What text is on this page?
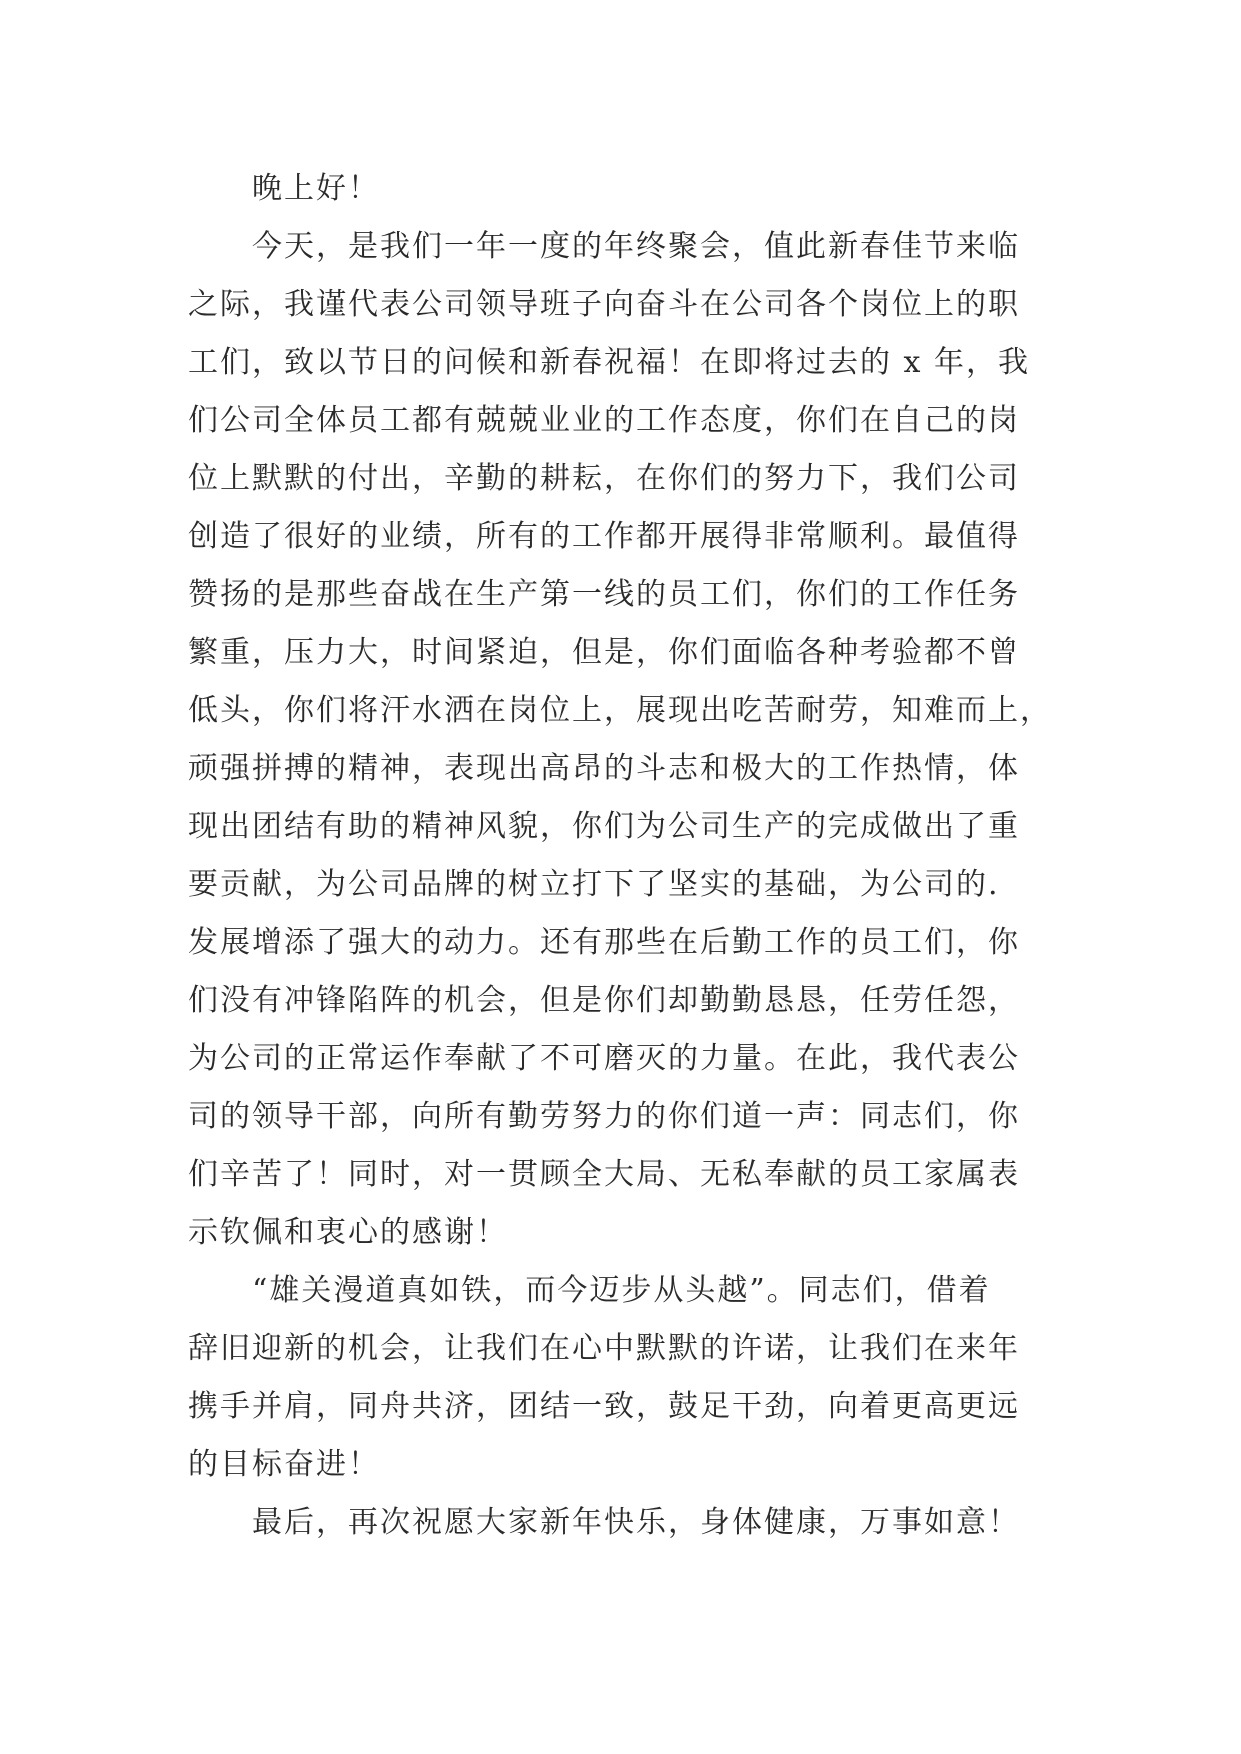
晚上好！
今天，是我们一年一度的年终聚会，值此新春佳节来临
之际，我谨代表公司领导班子向奋斗在公司各个岗位上的职
工们，致以节日的问候和新春祝福！在即将过去的 x 年，我
们公司全体员工都有兢兢业业的工作态度，你们在自己的岗
位上默默的付出，辛勤的耕耘，在你们的努力下，我们公司
创造了很好的业绩，所有的工作都开展得非常顺利。最值得
赞扬的是那些奋战在生产第一线的员工们，你们的工作任务
繁重，压力大，时间紧迫，但是，你们面临各种考验都不曾
低头，你们将汗水洒在岗位上，展现出吃苦耐劳，知难而上，
顽强拼搏的精神，表现出高昂的斗志和极大的工作热情，体
现出团结有助的精神风貌，你们为公司生产的完成做出了重
要贡献，为公司品牌的树立打下了坚实的基础，为公司的.
发展增添了强大的动力。还有那些在后勤工作的员工们，你
们没有冲锋陷阵的机会，但是你们却勤勤恳恳，任劳任怨，
为公司的正常运作奉献了不可磨灭的力量。在此，我代表公
司的领导干部，向所有勤劳努力的你们道一声：同志们，你
们辛苦了！同时，对一贯顾全大局、无私奉献的员工家属表
示钦佩和衷心的感谢！
“雄关漫道真如铁，而今迈步从头越”。同志们，借着
辞旧迎新的机会，让我们在心中默默的许诺，让我们在来年
携手并肩，同舟共济，团结一致，鼓足干劲，向着更高更远
的目标奋进！
最后，再次祝愿大家新年快乐，身体健康，万事如意！
